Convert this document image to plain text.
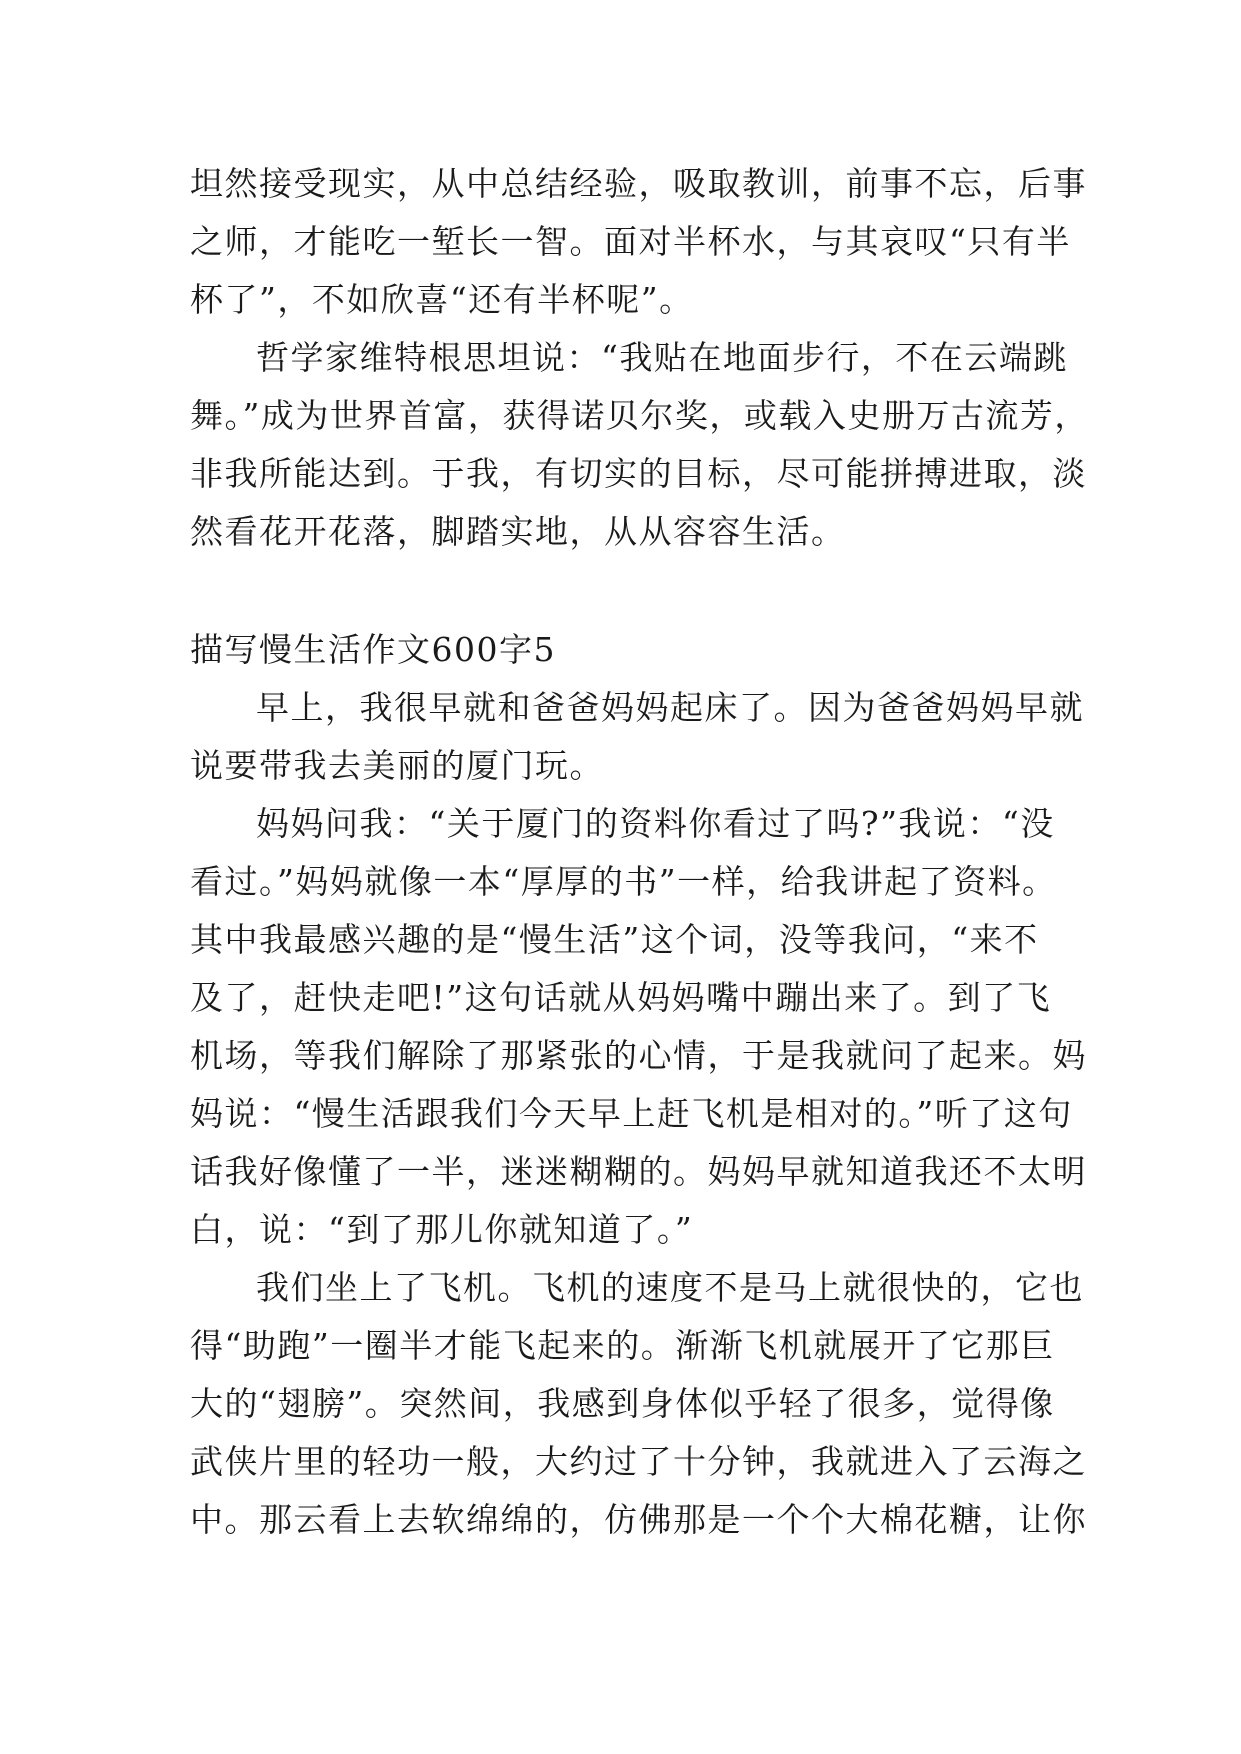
坦然接受现实，从中总结经验，吸取教训，前事不忘，后事
之师，才能吃一堑长一智。面对半杯水，与其哀叹“只有半
杯了”，不如欣喜“还有半杯呢”。
哲学家维特根思坦说：“我贴在地面步行，不在云端跳
舞。”成为世界首富，获得诺贝尔奖，或载入史册万古流芳，
非我所能达到。于我，有切实的目标，尽可能拼搏进取，淡
然看花开花落，脚踏实地，从从容容生活。
描写慢生活作文600字5
早上，我很早就和爸爸妈妈起床了。因为爸爸妈妈早就
说要带我去美丽的厦门玩。
妈妈问我：“关于厦门的资料你看过了吗?”我说：“没
看过。”妈妈就像一本“厚厚的书”一样，给我讲起了资料。
其中我最感兴趣的是“慢生活”这个词，没等我问，“来不
及了，赶快走吧!”这句话就从妈妈嘴中蹦出来了。到了飞
机场，等我们解除了那紧张的心情，于是我就问了起来。妈
妈说：“慢生活跟我们今天早上赶飞机是相对的。”听了这句
话我好像懂了一半，迷迷糊糊的。妈妈早就知道我还不太明
白，说：“到了那儿你就知道了。”
我们坐上了飞机。飞机的速度不是马上就很快的，它也
得“助跑”一圈半才能飞起来的。渐渐飞机就展开了它那巨
大的“翅膀”。突然间，我感到身体似乎轻了很多，觉得像
武侠片里的轻功一般，大约过了十分钟，我就进入了云海之
中。那云看上去软绵绵的，仿佛那是一个个大棉花糖，让你
